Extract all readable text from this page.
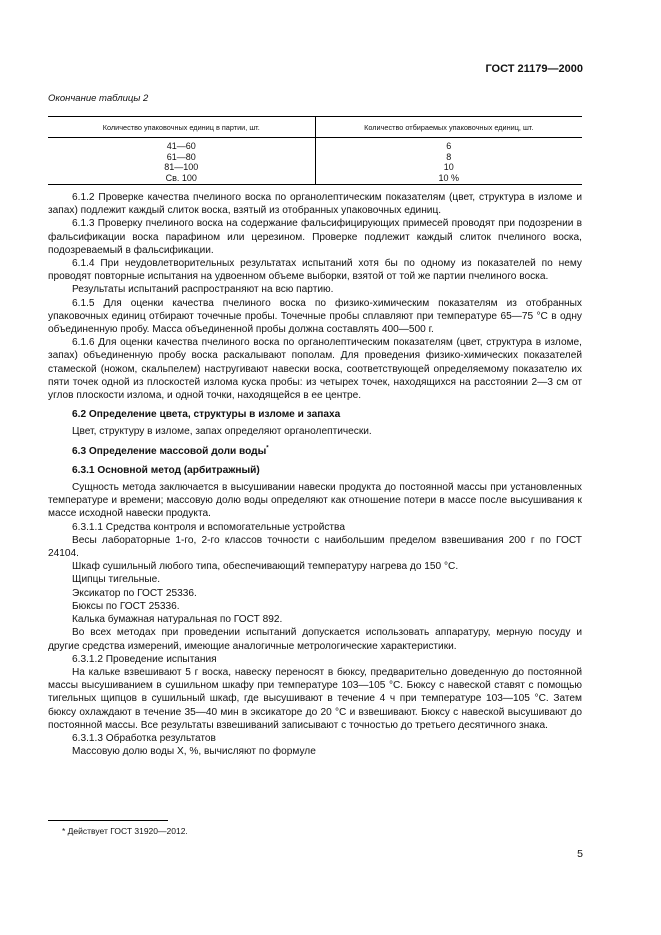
ГОСТ 21179—2000
Окончание таблицы 2
Количество упаковочных единиц в партии, шт.	Количество отбираемых упаковочных единиц, шт.
41—60	6
61—80	8
81—100	10
Св. 100	10 %

6.1.2 Проверке качества пчелиного воска по органолептическим показателям (цвет, структура в изломе и запах) подлежит каждый слиток воска, взятый из отобранных упаковочных единиц.

6.1.3 Проверку пчелиного воска на содержание фальсифицирующих примесей проводят при подозрении в фальсификации воска парафином или церезином. Проверке подлежит каждый слиток пчелиного воска, подозреваемый в фальсификации.

6.1.4 При неудовлетворительных результатах испытаний хотя бы по одному из показателей по нему проводят повторные испытания на удвоенном объеме выборки, взятой от той же партии пчелиного воска.

Результаты испытаний распространяют на всю партию.

6.1.5 Для оценки качества пчелиного воска по физико-химическим показателям из отобранных упаковочных единиц отбирают точечные пробы. Точечные пробы сплавляют при температуре 65—75 °С в одну объединенную пробу. Масса объединенной пробы должна составлять 400—500 г.

6.1.6 Для оценки качества пчелиного воска по органолептическим показателям (цвет, структура в изломе, запах) объединенную пробу воска раскалывают пополам. Для проведения физико-химических показателей стамеской (ножом, скальпелем) настругивают навески воска, соответствующей определяемому показателю их пяти точек одной из плоскостей излома куска пробы: из четырех точек, находящихся на расстоянии 2—3 см от углов плоскости излома, и одной точки, находящейся в ее центре.

6.2 Определение цвета, структуры в изломе и запаха

Цвет, структуру в изломе, запах определяют органолептически.

6.3 Определение массовой доли воды*

6.3.1 Основной метод (арбитражный)

Сущность метода заключается в высушивании навески продукта до постоянной массы при установленных температуре и времени; массовую долю воды определяют как отношение потери в массе после высушивания к массе исходной навески продукта.

6.3.1.1 Средства контроля и вспомогательные устройства

Весы лабораторные 1-го, 2-го классов точности с наибольшим пределом взвешивания 200 г по ГОСТ 24104.

Шкаф сушильный любого типа, обеспечивающий температуру нагрева до 150 °С.

Щипцы тигельные.

Эксикатор по ГОСТ 25336.

Бюксы по ГОСТ 25336.

Калька бумажная натуральная по ГОСТ 892.

Во всех методах при проведении испытаний допускается использовать аппаратуру, мерную посуду и другие средства измерений, имеющие аналогичные метрологические характеристики.

6.3.1.2 Проведение испытания

На кальке взвешивают 5 г воска, навеску переносят в бюксу, предварительно доведенную до постоянной массы высушиванием в сушильном шкафу при температуре 103—105 °С. Бюксу с навеской ставят с помощью тигельных щипцов в сушильный шкаф, где высушивают в течение 4 ч при температуре 103—105 °С. Затем бюксу охлаждают в течение 35—40 мин в эксикаторе до 20 °С и взвешивают. Бюксу с навеской высушивают до постоянной массы. Все результаты взвешиваний записывают с точностью до третьего десятичного знака.

6.3.1.3 Обработка результатов

Массовую долю воды Х, %, вычисляют по формуле

* Действует ГОСТ 31920—2012.
5
